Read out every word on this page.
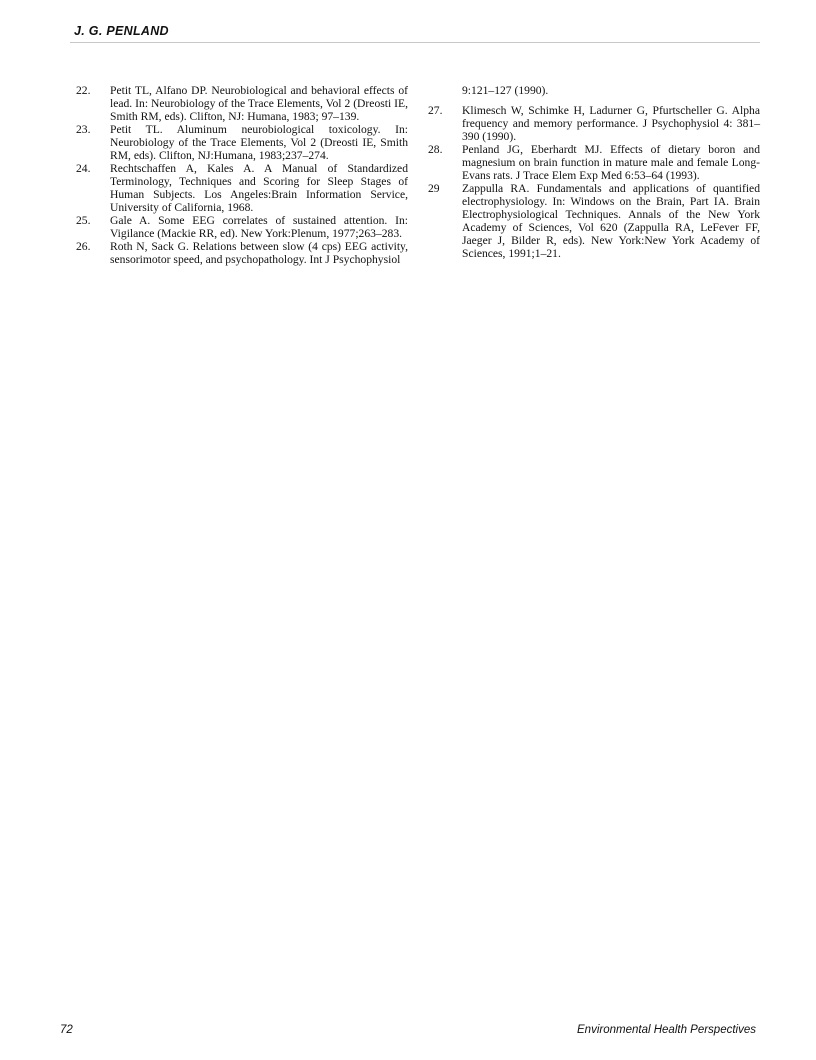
J. G. PENLAND
22. Petit TL, Alfano DP. Neurobiological and behavioral effects of lead. In: Neurobiology of the Trace Elements, Vol 2 (Dreosti IE, Smith RM, eds). Clifton, NJ: Humana, 1983; 97–139.
23. Petit TL. Aluminum neurobiological toxicology. In: Neurobiology of the Trace Elements, Vol 2 (Dreosti IE, Smith RM, eds). Clifton, NJ:Humana, 1983;237–274.
24. Rechtschaffen A, Kales A. A Manual of Standardized Terminology, Techniques and Scoring for Sleep Stages of Human Subjects. Los Angeles:Brain Information Service, University of California, 1968.
25. Gale A. Some EEG correlates of sustained attention. In: Vigilance (Mackie RR, ed). New York:Plenum, 1977;263–283.
26. Roth N, Sack G. Relations between slow (4 cps) EEG activity, sensorimotor speed, and psychopathology. Int J Psychophysiol
9:121–127 (1990).
27. Klimesch W, Schimke H, Ladurner G, Pfurtscheller G. Alpha frequency and memory performance. J Psychophysiol 4: 381–390 (1990).
28. Penland JG, Eberhardt MJ. Effects of dietary boron and magnesium on brain function in mature male and female Long-Evans rats. J Trace Elem Exp Med 6:53–64 (1993).
29 Zappulla RA. Fundamentals and applications of quantified electrophysiology. In: Windows on the Brain, Part IA. Brain Electrophysiological Techniques. Annals of the New York Academy of Sciences, Vol 620 (Zappulla RA, LeFever FF, Jaeger J, Bilder R, eds). New York:New York Academy of Sciences, 1991;1–21.
72	Environmental Health Perspectives
